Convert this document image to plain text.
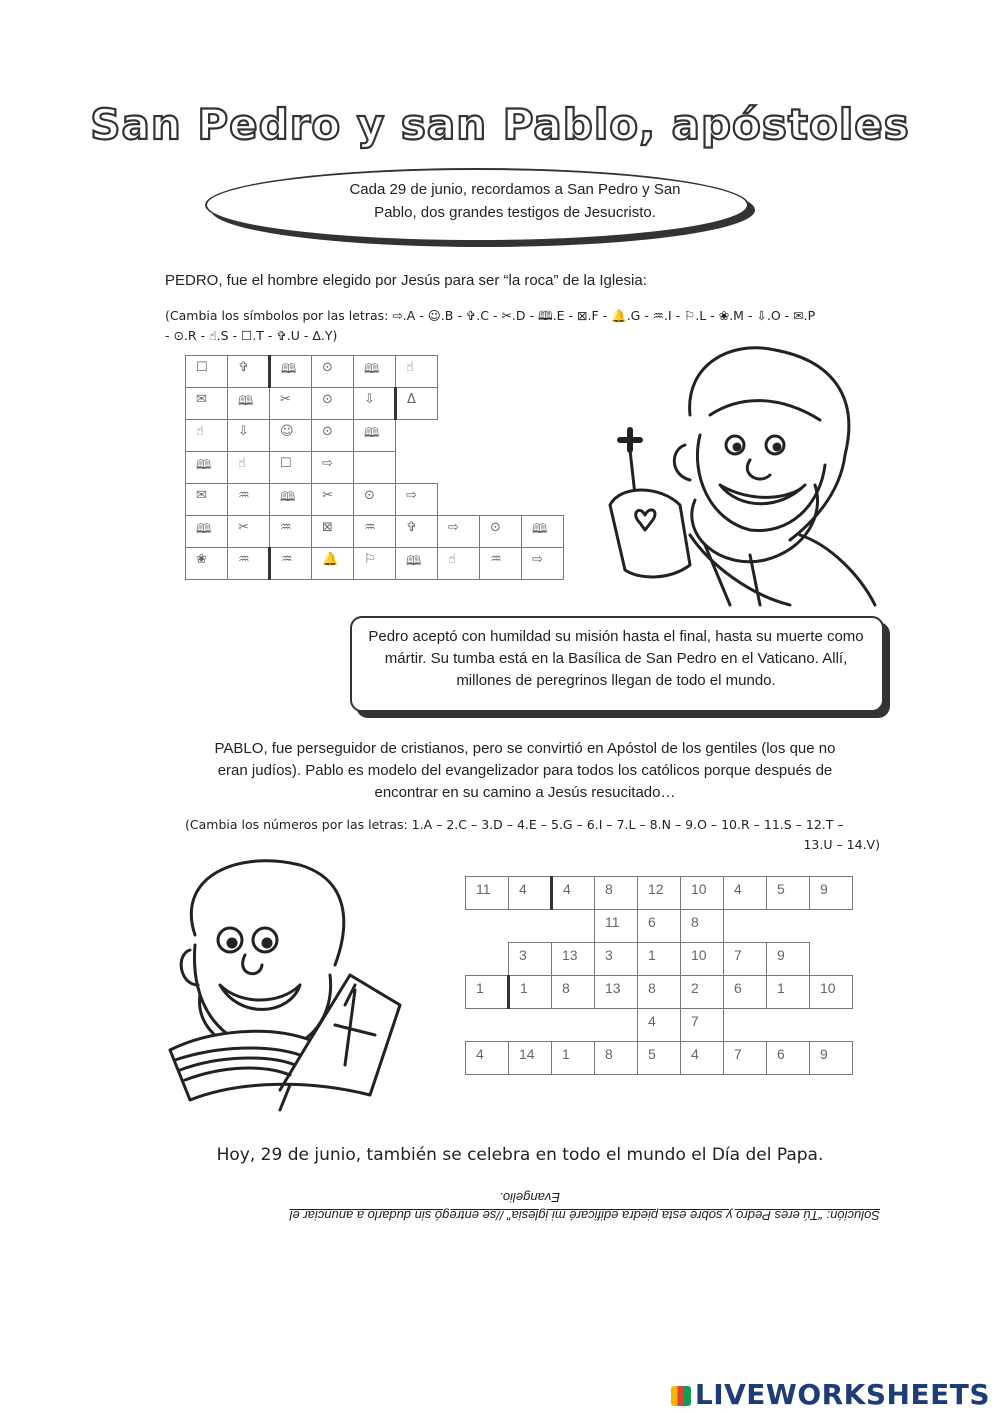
San Pedro y san Pablo, apóstoles
Cada 29 de junio, recordamos a San Pedro y San
Pablo, dos grandes testigos de Jesucristo.
PEDRO, fue el hombre elegido por Jesús para ser “la roca” de la Iglesia:
(Cambia los símbolos por las letras: ⇨.A - ☺.B - ✞.C - ✂.D - 🕮.E - ⊠.F - 🔔.G - ♒.I - ⚐.L - ❀.M - ⇩.O - ✉.P
- ⊙.R - ☝.S - ☐.T - ✞.U - Δ.Y)
☐	✞	🕮	⊙	🕮	☝				
✉	🕮	✂	⊙	⇩	Δ				
☝	⇩	☺	⊙	🕮					
🕮	☝	☐	⇨						
✉	♒	🕮	✂	⊙	⇨				
🕮	✂	♒	⊠	♒	✞	⇨	⊙	🕮	
❀	♒	♒	🔔	⚐	🕮	☝	♒	⇨	
Pedro aceptó con humildad su misión hasta el final, hasta su muerte como mártir. Su tumba está en la Basílica de San Pedro en el Vaticano. Allí, millones de peregrinos llegan de todo el mundo.
PABLO, fue perseguidor de cristianos, pero se convirtió en Apóstol de los gentiles (los que no
eran judíos). Pablo es modelo del evangelizador para todos los católicos porque después de
encontrar en su camino a Jesús resucitado…
(Cambia los números por las letras: 1.A – 2.C – 3.D – 4.E – 5.G – 6.I – 7.L – 8.N – 9.O – 10.R – 11.S – 12.T –
13.U – 14.V)
11	4	4	8	12	10	4	5	9
			11	6	8			
	3	13	3	1	10	7	9	
1	1	8	13	8	2	6	1	10
				4	7			
4	14	1	8	5	4	7	6	9
Hoy, 29 de junio, también se celebra en todo el mundo el Día del Papa.
Solución: “Tú eres Pedro y sobre esta piedra edificaré mi iglesia” //se entregó sin dudarlo a anunciar el
Evangelio.
LIVEWORKSHEETS
